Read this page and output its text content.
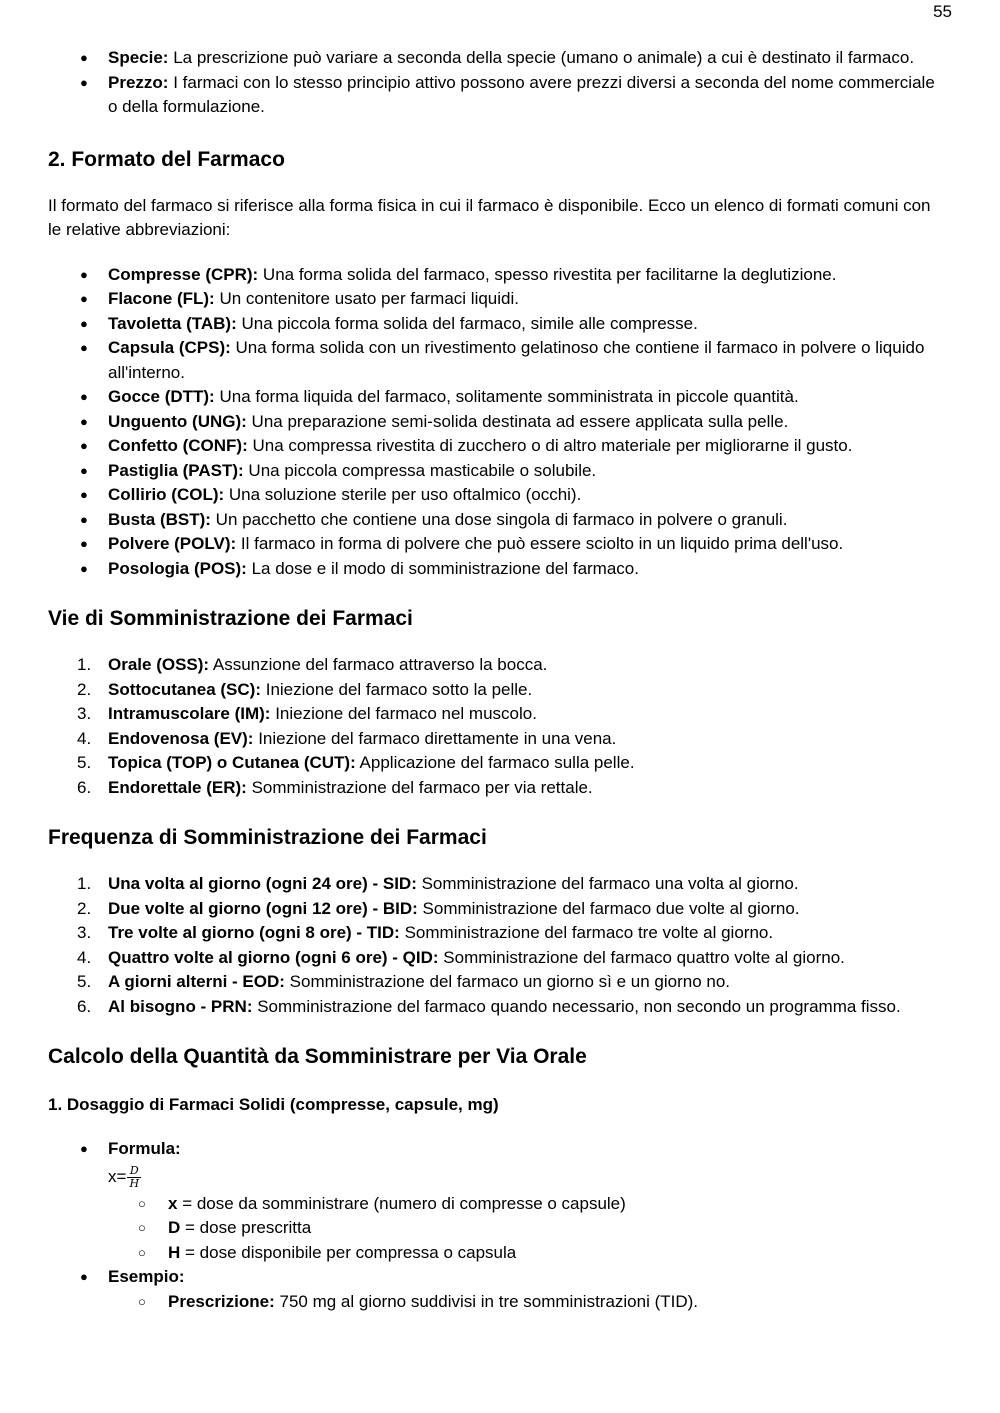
55
● Specie: La prescrizione può variare a seconda della specie (umano o animale) a cui è destinato il farmaco.
● Prezzo: I farmaci con lo stesso principio attivo possono avere prezzi diversi a seconda del nome commerciale o della formulazione.
2. Formato del Farmaco

Il formato del farmaco si riferisce alla forma fisica in cui il farmaco è disponibile. Ecco un elenco di formati comuni con le relative abbreviazioni:

● Compresse (CPR): Una forma solida del farmaco, spesso rivestita per facilitarne la deglutizione.
● Flacone (FL): Un contenitore usato per farmaci liquidi.
● Tavoletta (TAB): Una piccola forma solida del farmaco, simile alle compresse.
● Capsula (CPS): Una forma solida con un rivestimento gelatinoso che contiene il farmaco in polvere o liquido all'interno.
● Gocce (DTT): Una forma liquida del farmaco, solitamente somministrata in piccole quantità.
● Unguento (UNG): Una preparazione semi-solida destinata ad essere applicata sulla pelle.
● Confetto (CONF): Una compressa rivestita di zucchero o di altro materiale per migliorarne il gusto.
● Pastiglia (PAST): Una piccola compressa masticabile o solubile.
● Collirio (COL): Una soluzione sterile per uso oftalmico (occhi).
● Busta (BST): Un pacchetto che contiene una dose singola di farmaco in polvere o granuli.
● Polvere (POLV): Il farmaco in forma di polvere che può essere sciolto in un liquido prima dell'uso.
● Posologia (POS): La dose e il modo di somministrazione del farmaco.
Vie di Somministrazione dei Farmaci
1. Orale (OSS): Assunzione del farmaco attraverso la bocca.
2. Sottocutanea (SC): Iniezione del farmaco sotto la pelle.
3. Intramuscolare (IM): Iniezione del farmaco nel muscolo.
4. Endovenosa (EV): Iniezione del farmaco direttamente in una vena.
5. Topica (TOP) o Cutanea (CUT): Applicazione del farmaco sulla pelle.
6. Endorettale (ER): Somministrazione del farmaco per via rettale.
Frequenza di Somministrazione dei Farmaci
1. Una volta al giorno (ogni 24 ore) - SID: Somministrazione del farmaco una volta al giorno.
2. Due volte al giorno (ogni 12 ore) - BID: Somministrazione del farmaco due volte al giorno.
3. Tre volte al giorno (ogni 8 ore) - TID: Somministrazione del farmaco tre volte al giorno.
4. Quattro volte al giorno (ogni 6 ore) - QID: Somministrazione del farmaco quattro volte al giorno.
5. A giorni alterni - EOD: Somministrazione del farmaco un giorno sì e un giorno no.
6. Al bisogno - PRN: Somministrazione del farmaco quando necessario, non secondo un programma fisso.
Calcolo della Quantità da Somministrare per Via Orale
1. Dosaggio di Farmaci Solidi (compresse, capsule, mg)
● Formula:
$x= \frac{D}{H}$
○ x = dose da somministrare (numero di compresse o capsule)
○ D = dose prescritta
○ H = dose disponibile per compressa o capsula
● Esempio:
○ Prescrizione: 750 mg al giorno suddivisi in tre somministrazioni (TID).
